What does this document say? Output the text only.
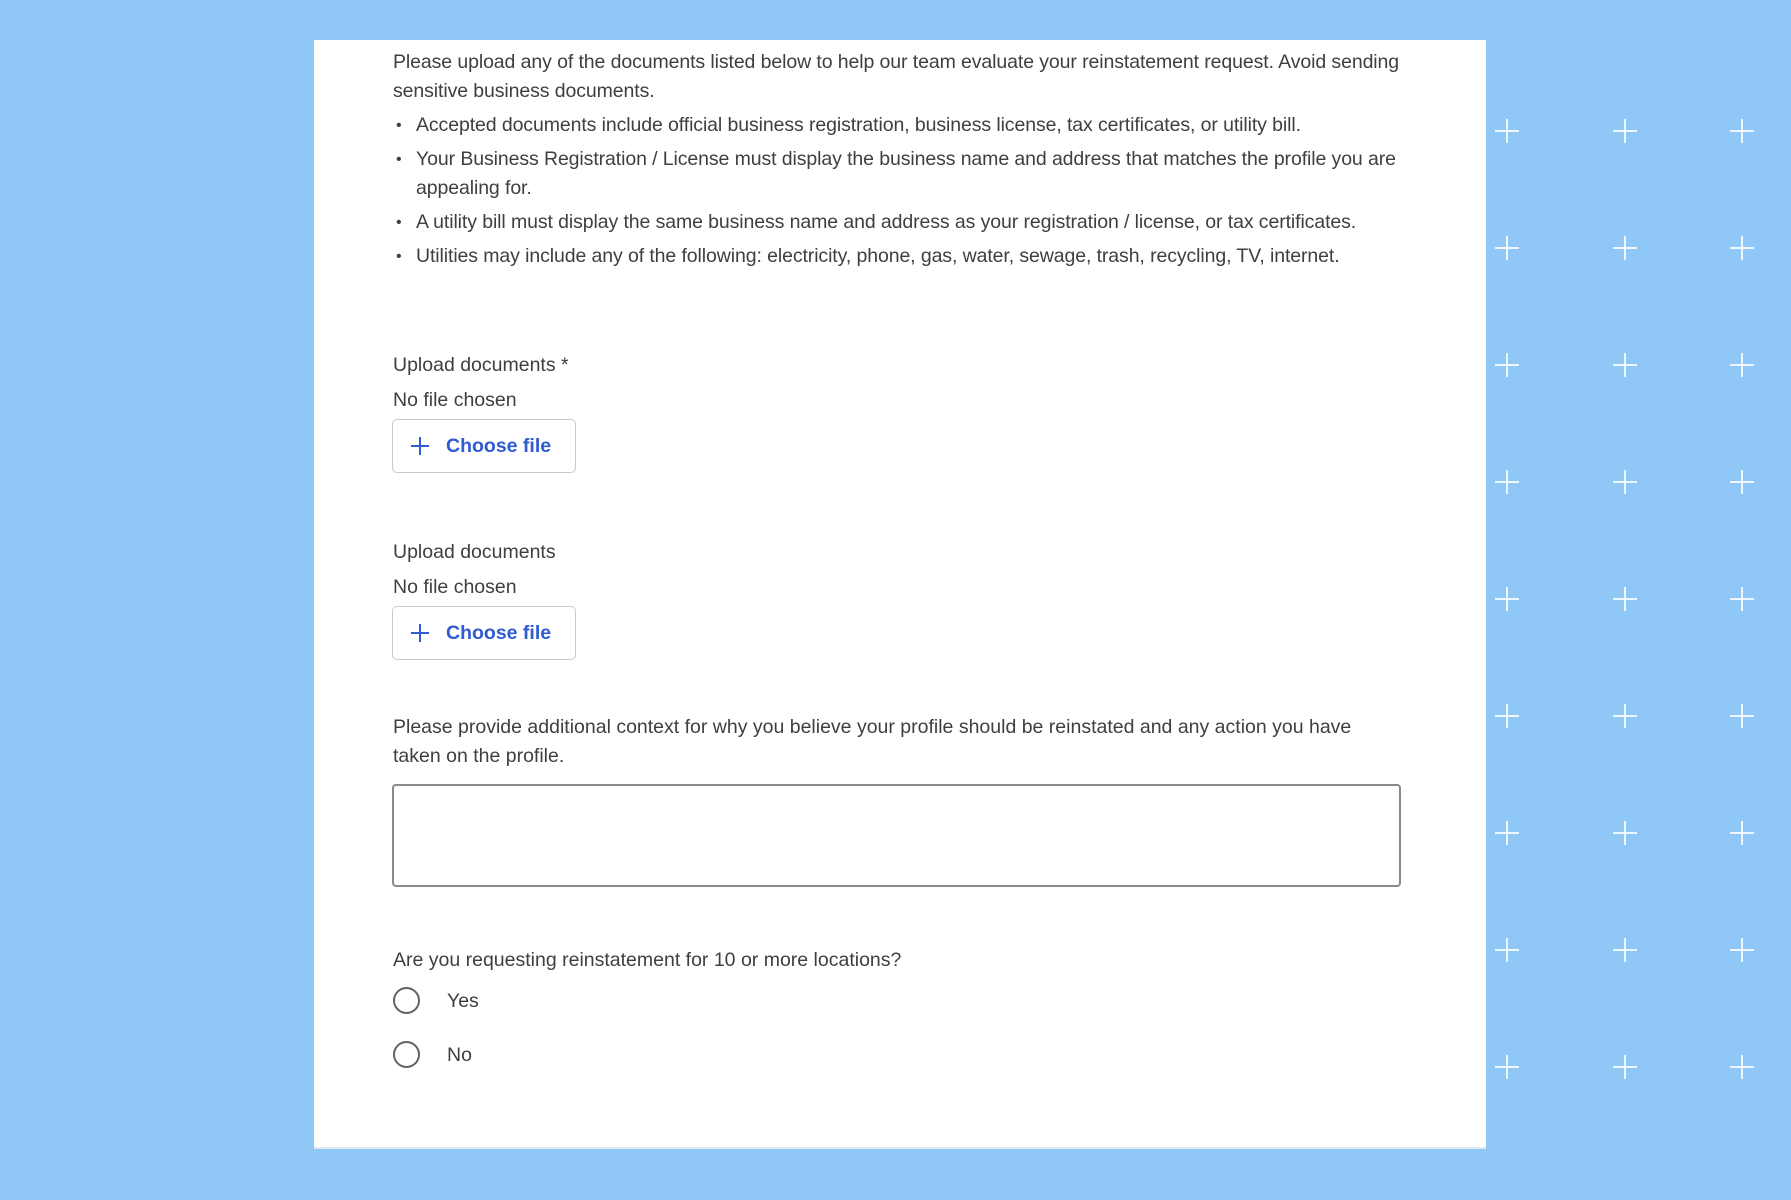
Please upload any of the documents listed below to help our team evaluate your reinstatement request. Avoid sending sensitive business documents.

• Accepted documents include official business registration, business license, tax certificates, or utility bill.
• Your Business Registration / License must display the business name and address that matches the profile you are appealing for.
• A utility bill must display the same business name and address as your registration / license, or tax certificates.
• Utilities may include any of the following: electricity, phone, gas, water, sewage, trash, recycling, TV, internet.
Upload documents *
No file chosen
Choose file
Upload documents
No file chosen
Choose file
Please provide additional context for why you believe your profile should be reinstated and any action you have taken on the profile.
Are you requesting reinstatement for 10 or more locations?
Yes
No
